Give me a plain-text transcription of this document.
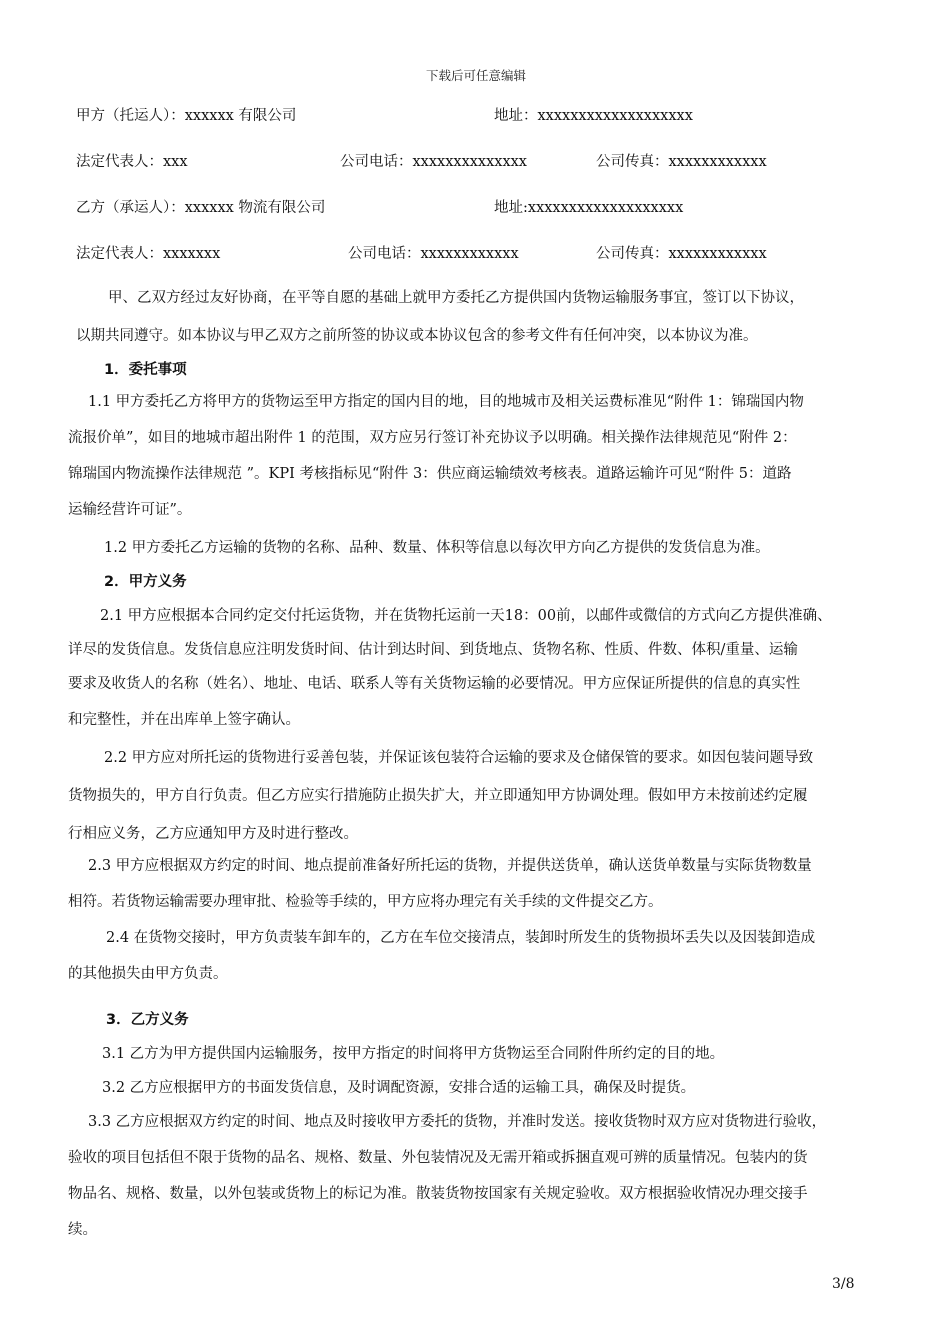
下载后可任意编辑
甲方（托运人）：xxxxxx 有限公司	地址：xxxxxxxxxxxxxxxxxxx
法定代表人：xxx	公司电话：xxxxxxxxxxxxxx	公司传真：xxxxxxxxxxxx
乙方（承运人）：xxxxxx 物流有限公司	地址:xxxxxxxxxxxxxxxxxxx
法定代表人：xxxxxxx	公司电话：xxxxxxxxxxxx	公司传真：xxxxxxxxxxxx
甲、乙双方经过友好协商，在平等自愿的基础上就甲方委托乙方提供国内货物运输服务事宜，签订以下协议，
以期共同遵守。如本协议与甲乙双方之前所签的协议或本协议包含的参考文件有任何冲突，以本协议为准。
1．委托事项
1.1 甲方委托乙方将甲方的货物运至甲方指定的国内目的地，目的地城市及相关运费标准见“附件 1：锦瑞国内物
流报价单”，如目的地城市超出附件 1 的范围，双方应另行签订补充协议予以明确。相关操作法律规范见“附件 2：
锦瑞国内物流操作法律规范 ”。KPI 考核指标见“附件 3：供应商运输绩效考核表。道路运输许可见“附件 5：道路
运输经营许可证”。
1.2 甲方委托乙方运输的货物的名称、品种、数量、体积等信息以每次甲方向乙方提供的发货信息为准。
2．甲方义务
2.1 甲方应根据本合同约定交付托运货物，并在货物托运前一天18：00前，以邮件或微信的方式向乙方提供准确、
详尽的发货信息。发货信息应注明发货时间、估计到达时间、到货地点、货物名称、性质、件数、体积/重量、运输
要求及收货人的名称（姓名）、地址、电话、联系人等有关货物运输的必要情况。甲方应保证所提供的信息的真实性
和完整性，并在出库单上签字确认。
2.2 甲方应对所托运的货物进行妥善包装，并保证该包装符合运输的要求及仓储保管的要求。如因包装问题导致
货物损失的，甲方自行负责。但乙方应实行措施防止损失扩大，并立即通知甲方协调处理。假如甲方未按前述约定履
行相应义务，乙方应通知甲方及时进行整改。
2.3 甲方应根据双方约定的时间、地点提前准备好所托运的货物，并提供送货单，确认送货单数量与实际货物数量
相符。若货物运输需要办理审批、检验等手续的，甲方应将办理完有关手续的文件提交乙方。
2.4 在货物交接时，甲方负责装车卸车的，乙方在车位交接清点，装卸时所发生的货物损坏丢失以及因装卸造成
的其他损失由甲方负责。
3．乙方义务
3.1 乙方为甲方提供国内运输服务，按甲方指定的时间将甲方货物运至合同附件所约定的目的地。
3.2 乙方应根据甲方的书面发货信息，及时调配资源，安排合适的运输工具，确保及时提货。
3.3 乙方应根据双方约定的时间、地点及时接收甲方委托的货物，并准时发送。接收货物时双方应对货物进行验收，
验收的项目包括但不限于货物的品名、规格、数量、外包装情况及无需开箱或拆捆直观可辨的质量情况。包装内的货
物品名、规格、数量，以外包装或货物上的标记为准。散装货物按国家有关规定验收。双方根据验收情况办理交接手
续。
3/8
